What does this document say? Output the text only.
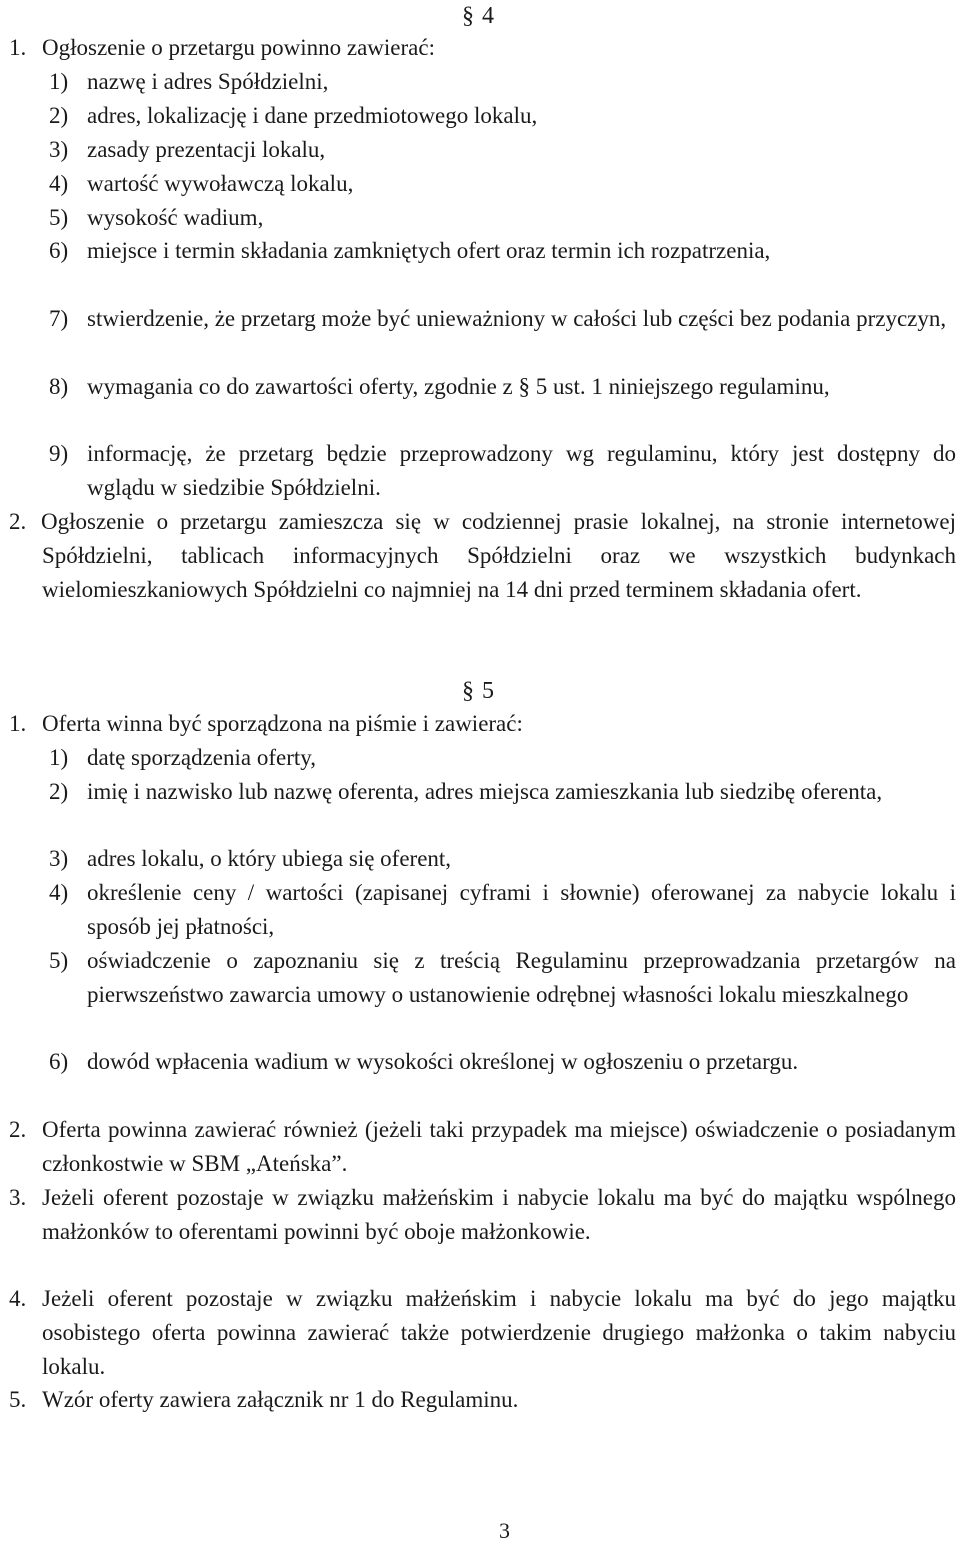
§ 4
1. Ogłoszenie o przetargu powinno zawierać:
1) nazwę i adres Spółdzielni,
2) adres, lokalizację i dane przedmiotowego lokalu,
3) zasady prezentacji lokalu,
4) wartość wywoławczą lokalu,
5) wysokość wadium,
6) miejsce i termin składania zamkniętych ofert oraz termin ich rozpatrzenia,
7) stwierdzenie, że przetarg może być unieważniony w całości lub części bez podania przyczyn,
8) wymagania co do zawartości oferty, zgodnie z § 5 ust. 1 niniejszego regulaminu,
9) informację, że przetarg będzie przeprowadzony wg regulaminu, który jest dostępny do wglądu w siedzibie Spółdzielni.
2. Ogłoszenie o przetargu zamieszcza się w codziennej prasie lokalnej, na stronie internetowej Spółdzielni, tablicach informacyjnych Spółdzielni oraz we wszystkich budynkach wielomieszkaniowych Spółdzielni co najmniej na 14 dni przed terminem składania ofert.
§ 5
1. Oferta winna być sporządzona na piśmie i zawierać:
1) datę sporządzenia oferty,
2) imię i nazwisko lub nazwę oferenta, adres miejsca zamieszkania lub siedzibę oferenta,
3) adres lokalu, o który ubiega się oferent,
4) określenie ceny / wartości (zapisanej cyframi i słownie) oferowanej za nabycie lokalu i sposób jej płatności,
5) oświadczenie o zapoznaniu się z treścią Regulaminu przeprowadzania przetargów na pierwszeństwo zawarcia umowy o ustanowienie odrębnej własności lokalu mieszkalnego
6) dowód wpłacenia wadium w wysokości określonej w ogłoszeniu o przetargu.
2. Oferta powinna zawierać również (jeżeli taki przypadek ma miejsce) oświadczenie o posiadanym członkostwie w SBM „Ateńska”.
3. Jeżeli oferent pozostaje w związku małżeńskim i nabycie lokalu ma być do majątku wspólnego małżonków to oferentami powinni być oboje małżonkowie.
4. Jeżeli oferent pozostaje w związku małżeńskim i nabycie lokalu ma być do jego majątku osobistego oferta powinna zawierać także potwierdzenie drugiego małżonka o takim nabyciu lokalu.
5. Wzór oferty zawiera załącznik nr 1 do Regulaminu.
3
